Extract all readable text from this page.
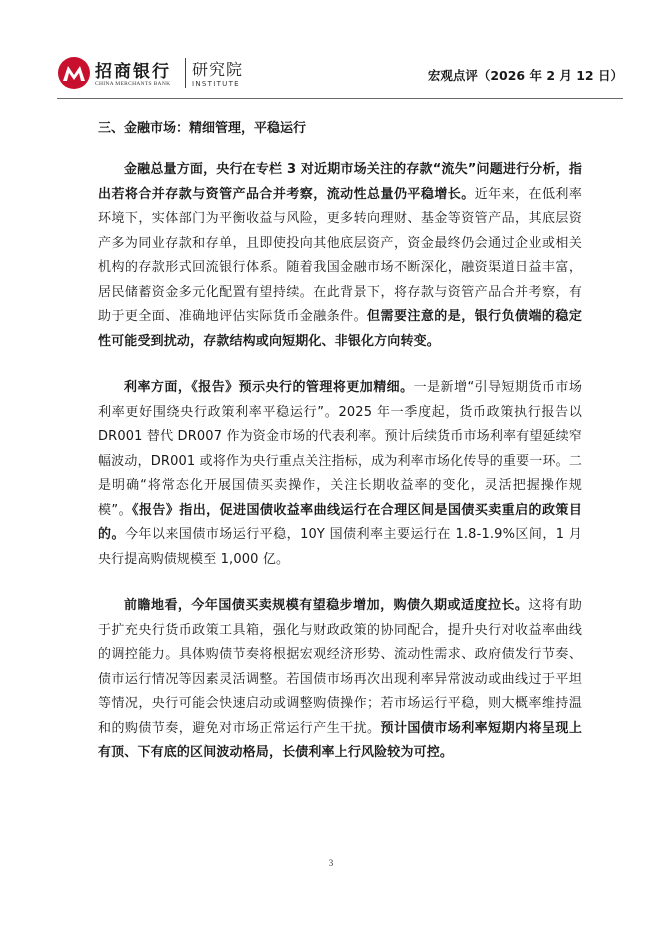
招商银行
CHINA MERCHANTS BANK
研究院
INSTITUTE
宏观点评（2026 年 2 月 12 日）
三、金融市场：精细管理，平稳运行

金融总量方面，央行在专栏 3 对近期市场关注的存款“流失”问题进行分析，指出若将合并存款与资管产品合并考察，流动性总量仍平稳增长。近年来，在低利率环境下，实体部门为平衡收益与风险，更多转向理财、基金等资管产品，其底层资产多为同业存款和存单，且即使投向其他底层资产，资金最终仍会通过企业或相关机构的存款形式回流银行体系。随着我国金融市场不断深化，融资渠道日益丰富，居民储蓄资金多元化配置有望持续。在此背景下，将存款与资管产品合并考察，有助于更全面、准确地评估实际货币金融条件。但需要注意的是，银行负债端的稳定性可能受到扰动，存款结构或向短期化、非银化方向转变。

利率方面，《报告》预示央行的管理将更加精细。一是新增“引导短期货币市场利率更好围绕央行政策利率平稳运行”。2025 年一季度起，货币政策执行报告以 DR001 替代 DR007 作为资金市场的代表利率。预计后续货币市场利率有望延续窄幅波动，DR001 或将作为央行重点关注指标，成为利率市场化传导的重要一环。二是明确“将常态化开展国债买卖操作，关注长期收益率的变化，灵活把握操作规模”。《报告》指出，促进国债收益率曲线运行在合理区间是国债买卖重启的政策目的。今年以来国债市场运行平稳，10Y 国债利率主要运行在 1.8-1.9%区间，1 月央行提高购债规模至 1,000 亿。

前瞻地看，今年国债买卖规模有望稳步增加，购债久期或适度拉长。这将有助于扩充央行货币政策工具箱，强化与财政政策的协同配合，提升央行对收益率曲线的调控能力。具体购债节奏将根据宏观经济形势、流动性需求、政府债发行节奏、债市运行情况等因素灵活调整。若国债市场再次出现利率异常波动或曲线过于平坦等情况，央行可能会快速启动或调整购债操作；若市场运行平稳，则大概率维持温和的购债节奏，避免对市场正常运行产生干扰。预计国债市场利率短期内将呈现上有顶、下有底的区间波动格局，长债利率上行风险较为可控。

3
